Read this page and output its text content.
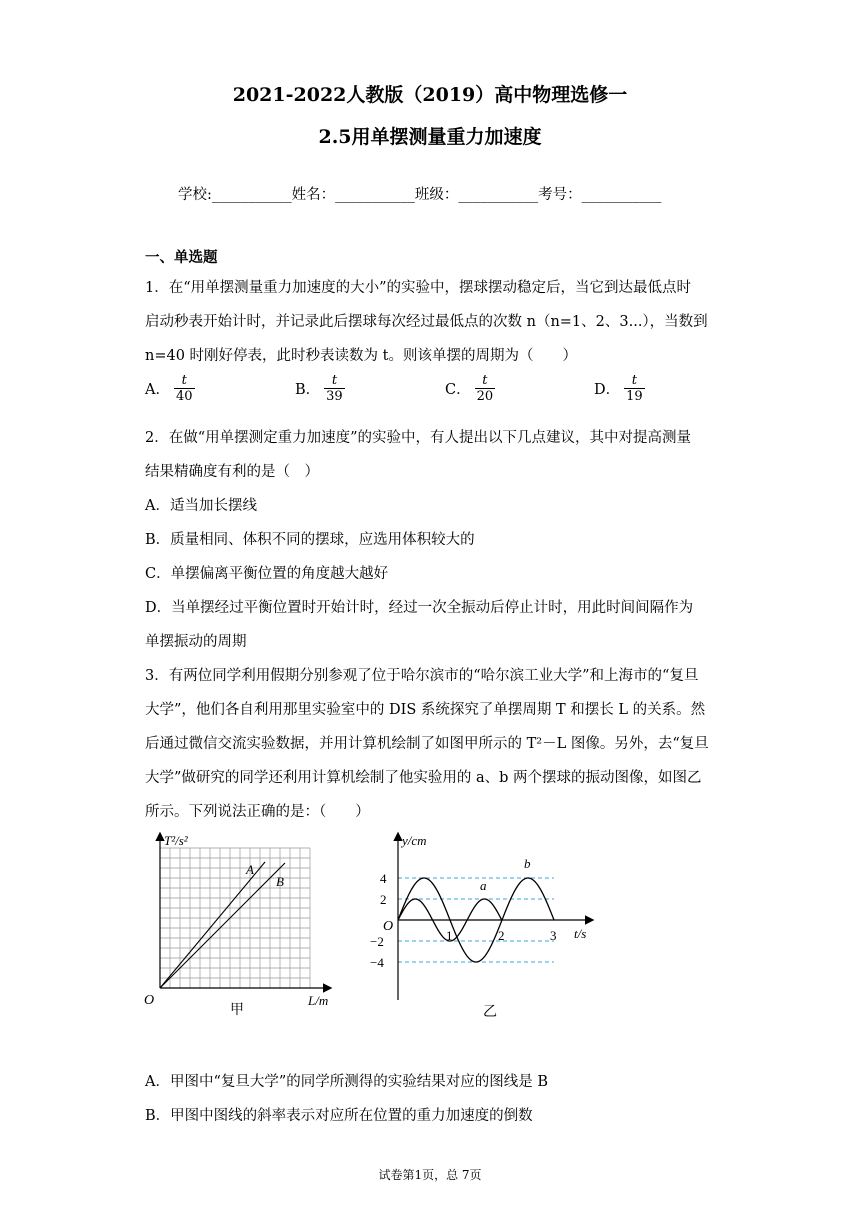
2021-2022人教版（2019）高中物理选修一
2.5用单摆测量重力加速度
学校:___________姓名：___________班级：___________考号：___________
一、单选题
1．在“用单摆测量重力加速度的大小”的实验中，摆球摆动稳定后，当它到达最低点时
启动秒表开始计时，并记录此后摆球每次经过最低点的次数 n（n=1、2、3...），当数到
n=40 时刚好停表，此时秒表读数为 t。则该单摆的周期为（　　）
A． $\frac{t}{40}$	B． $\frac{t}{39}$	C． $\frac{t}{20}$	D． $\frac{t}{19}$
2．在做“用单摆测定重力加速度”的实验中，有人提出以下几点建议，其中对提高测量
结果精确度有利的是（　）
A．适当加长摆线
B．质量相同、体积不同的摆球，应选用体积较大的
C．单摆偏离平衡位置的角度越大越好
D．当单摆经过平衡位置时开始计时，经过一次全振动后停止计时，用此时间间隔作为
单摆振动的周期
3．有两位同学利用假期分别参观了位于哈尔滨市的“哈尔滨工业大学”和上海市的“复旦
大学”，他们各自利用那里实验室中的 DIS 系统探究了单摆周期 T 和摆长 L 的关系。然
后通过微信交流实验数据，并用计算机绘制了如图甲所示的 T²－L 图像。另外，去“复旦
大学”做研究的同学还利用计算机绘制了他实验用的 a、b 两个摆球的振动图像，如图乙
所示。下列说法正确的是：（　　）
T²/s²
L/m
O
A
B
甲
4
2
−2
−4
1	2	3
y/cm
t/s
O
a
b
乙
A．甲图中“复旦大学”的同学所测得的实验结果对应的图线是 B
B．甲图中图线的斜率表示对应所在位置的重力加速度的倒数
试卷第1页，总 7页
